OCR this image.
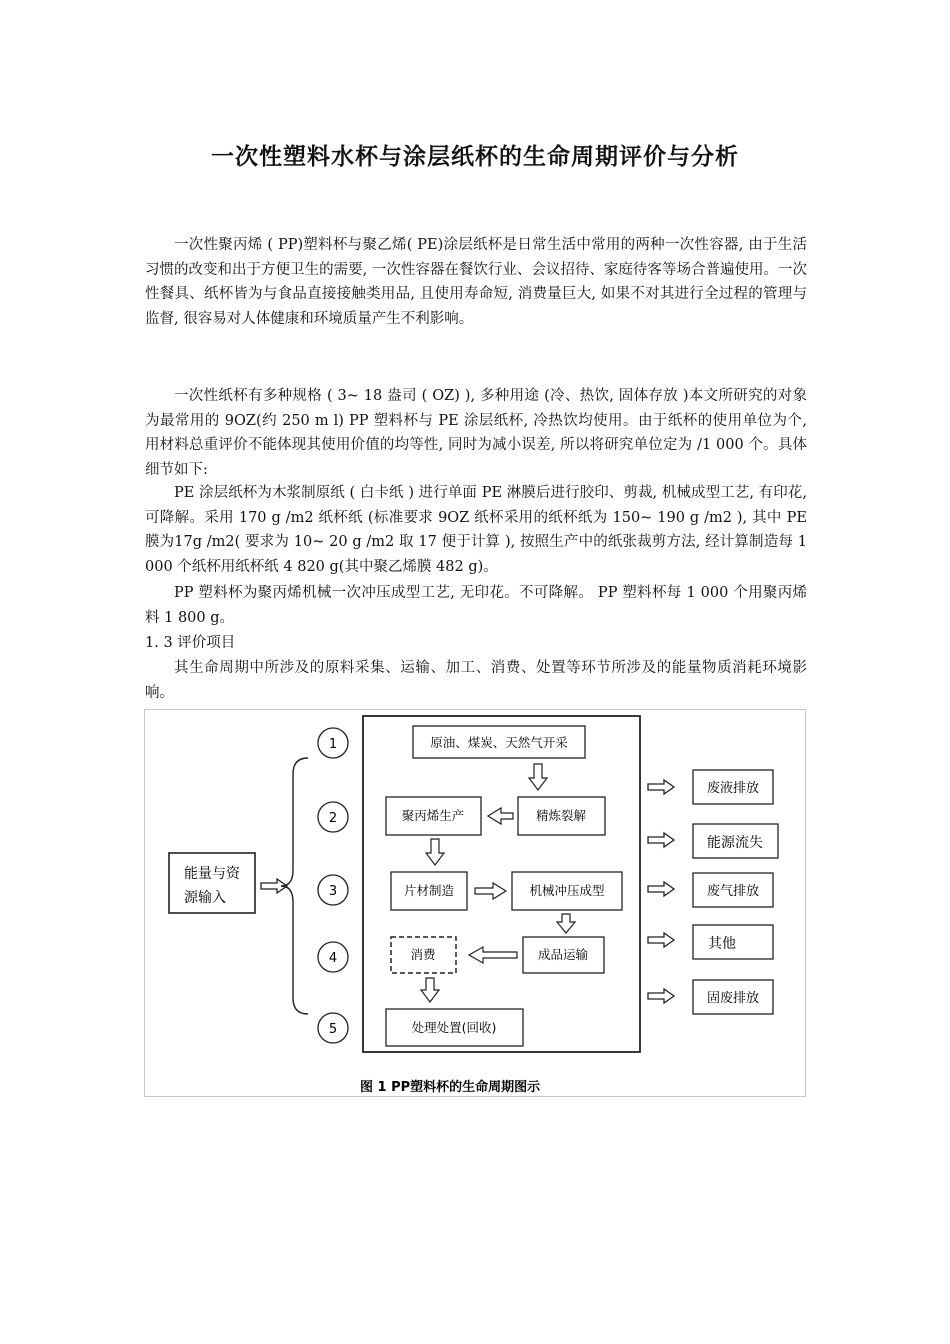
一次性塑料水杯与涂层纸杯的生命周期评价与分析

一次性聚丙烯 ( PP)塑料杯与聚乙烯( PE)涂层纸杯是日常生活中常用的两种一次性容器, 由于生活习惯的改变和出于方便卫生的需要, 一次性容器在餐饮行业、会议招待、家庭待客等场合普遍使用。一次性餐具、纸杯皆为与食品直接接触类用品, 且使用寿命短, 消费量巨大, 如果不对其进行全过程的管理与监督, 很容易对人体健康和环境质量产生不利影响。

一次性纸杯有多种规格 ( 3~ 18 盎司 ( OZ) ), 多种用途 (冷、热饮, 固体存放 )本文所研究的对象为最常用的 9OZ(约 250 m l) PP 塑料杯与 PE 涂层纸杯, 冷热饮均使用。由于纸杯的使用单位为个, 用材料总重评价不能体现其使用价值的均等性, 同时为减小误差, 所以将研究单位定为 /1 000 个。具体细节如下:

PE 涂层纸杯为木浆制原纸 ( 白卡纸 ) 进行单面 PE 淋膜后进行胶印、剪裁, 机械成型工艺, 有印花,可降解。采用 170 g /m2 纸杯纸 (标准要求 9OZ 纸杯采用的纸杯纸为 150~ 190 g /m2 ), 其中 PE 膜为17g /m2( 要求为 10~ 20 g /m2 取 17 便于计算 ), 按照生产中的纸张裁剪方法, 经计算制造每 1 000 个纸杯用纸杯纸 4 820 g(其中聚乙烯膜 482 g)。

PP 塑料杯为聚丙烯机械一次冲压成型工艺, 无印花。不可降解。 PP 塑料杯每 1 000 个用聚丙烯料 1 800 g。

1. 3 评价项目

其生命周期中所涉及的原料采集、运输、加工、消费、处置等环节所涉及的能量物质消耗环境影响。

能量与资
源输入
1
2
3
4
5
原油、煤炭、天然气开采
精炼裂解
聚丙烯生产
片材制造	机械冲压成型
成品运输
消费
处理处置(回收)
废液排放
能源流失
废气排放
其他
固废排放
图 1 PP塑料杯的生命周期图示
